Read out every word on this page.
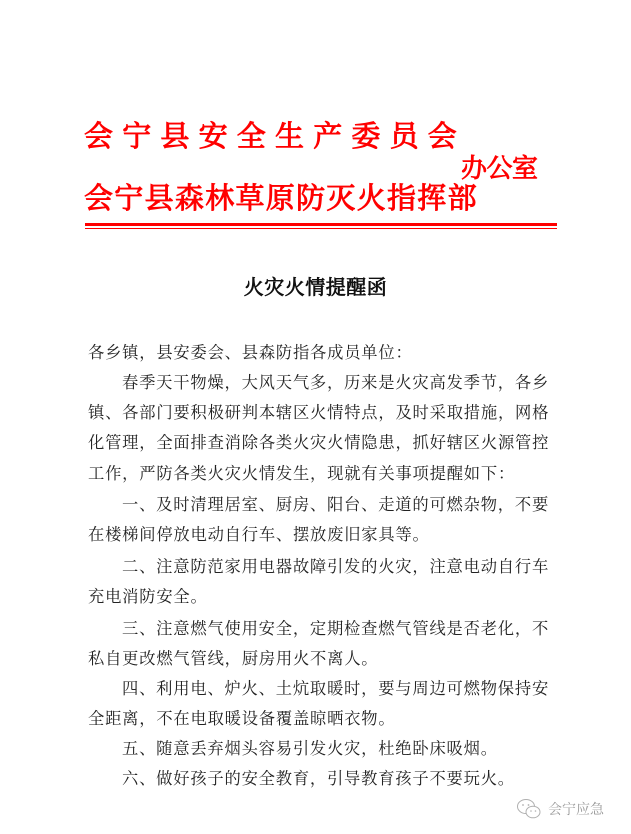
会宁县安全生产委员会
办公室
会宁县森林草原防灭火指挥部
火灾火情提醒函
各乡镇，县安委会、县森防指各成员单位：
春季天干物燥，大风天气多，历来是火灾高发季节，各乡
镇、各部门要积极研判本辖区火情特点，及时采取措施，网格
化管理，全面排查消除各类火灾火情隐患，抓好辖区火源管控
工作，严防各类火灾火情发生，现就有关事项提醒如下：
一、及时清理居室、厨房、阳台、走道的可燃杂物，不要
在楼梯间停放电动自行车、摆放废旧家具等。
二、注意防范家用电器故障引发的火灾，注意电动自行车
充电消防安全。
三、注意燃气使用安全，定期检查燃气管线是否老化，不
私自更改燃气管线，厨房用火不离人。
四、利用电、炉火、土炕取暖时，要与周边可燃物保持安
全距离，不在电取暖设备覆盖晾晒衣物。
五、随意丢弃烟头容易引发火灾，杜绝卧床吸烟。
六、做好孩子的安全教育，引导教育孩子不要玩火。
会宁应急
